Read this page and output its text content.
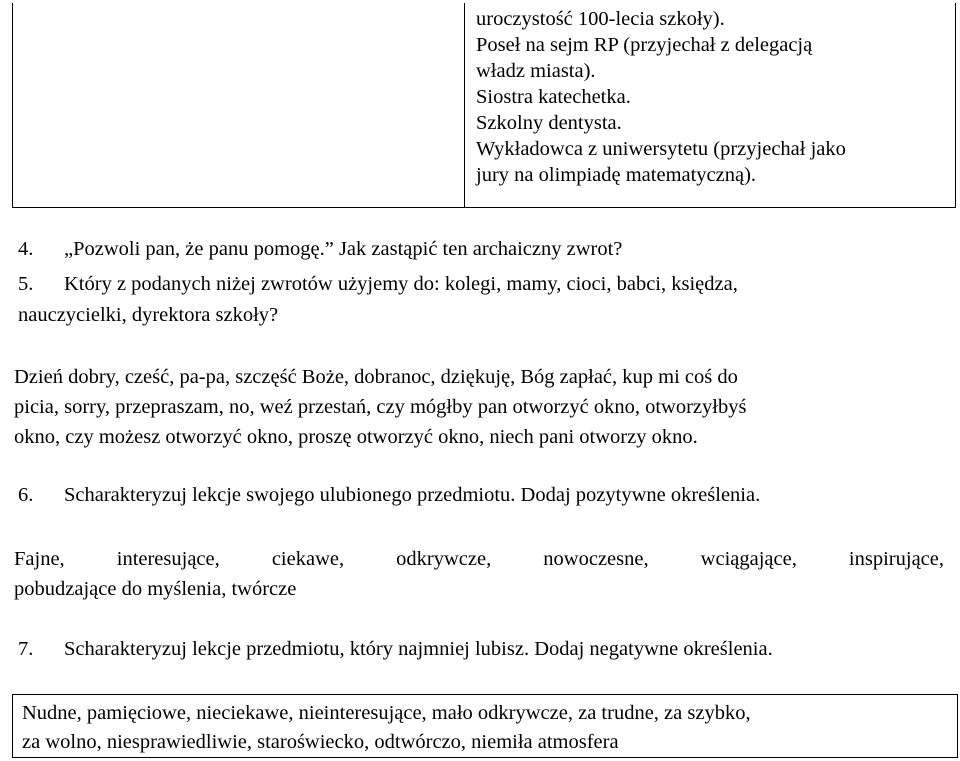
uroczystość 100-lecia szkoły).
Poseł na sejm RP (przyjechał z delegacją
władz miasta).
Siostra katechetka.
Szkolny dentysta.
Wykładowca z uniwersytetu (przyjechał jako
jury na olimpiadę matematyczną).
4. „Pozwoli pan, że panu pomogę.” Jak zastąpić ten archaiczny zwrot?
5. Który z podanych niżej zwrotów użyjemy do: kolegi, mamy, cioci, babci, księdza,
nauczycielki, dyrektora szkoły?
Dzień dobry, cześć, pa-pa, szczęść Boże, dobranoc, dziękuję, Bóg zapłać, kup mi coś do
picia, sorry, przepraszam, no, weź przestań, czy mógłby pan otworzyć okno, otworzyłbyś
okno, czy możesz otworzyć okno, proszę otworzyć okno, niech pani otworzy okno.
6. Scharakteryzuj lekcje swojego ulubionego przedmiotu. Dodaj pozytywne określenia.
Fajne, interesujące, ciekawe, odkrywcze, nowoczesne, wciągające, inspirujące,
pobudzające do myślenia, twórcze
7. Scharakteryzuj lekcje przedmiotu, który najmniej lubisz. Dodaj negatywne określenia.
Nudne, pamięciowe, nieciekawe, nieinteresujące, mało odkrywcze, za trudne, za szybko,
za wolno, niesprawiedliwie, staroświecko, odtwórczo, niemiła atmosfera
